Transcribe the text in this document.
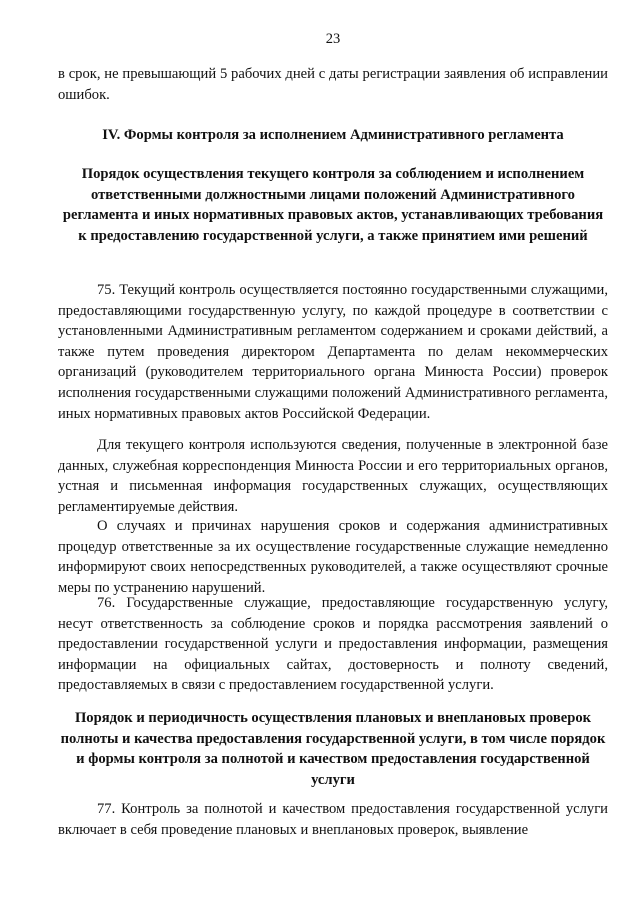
23

в срок, не превышающий 5 рабочих дней с даты регистрации заявления об исправлении ошибок.

IV. Формы контроля за исполнением Административного регламента

Порядок осуществления текущего контроля за соблюдением и исполнением ответственными должностными лицами положений Административного регламента и иных нормативных правовых актов, устанавливающих требования к предоставлению государственной услуги, а также принятием ими решений

75. Текущий контроль осуществляется постоянно государственными служащими, предоставляющими государственную услугу, по каждой процедуре в соответствии с установленными Административным регламентом содержанием и сроками действий, а также путем проведения директором Департамента по делам некоммерческих организаций (руководителем территориального органа Минюста России) проверок исполнения государственными служащими положений Административного регламента, иных нормативных правовых актов Российской Федерации.

Для текущего контроля используются сведения, полученные в электронной базе данных, служебная корреспонденция Минюста России и его территориальных органов, устная и письменная информация государственных служащих, осуществляющих регламентируемые действия.

О случаях и причинах нарушения сроков и содержания административных процедур ответственные за их осуществление государственные служащие немедленно информируют своих непосредственных руководителей, а также осуществляют срочные меры по устранению нарушений.

76. Государственные служащие, предоставляющие государственную услугу, несут ответственность за соблюдение сроков и порядка рассмотрения заявлений о предоставлении государственной услуги и предоставления информации, размещения информации на официальных сайтах, достоверность и полноту сведений, предоставляемых в связи с предоставлением государственной услуги.

Порядок и периодичность осуществления плановых и внеплановых проверок полноты и качества предоставления государственной услуги, в том числе порядок и формы контроля за полнотой и качеством предоставления государственной услуги

77. Контроль за полнотой и качеством предоставления государственной услуги включает в себя проведение плановых и внеплановых проверок, выявление
